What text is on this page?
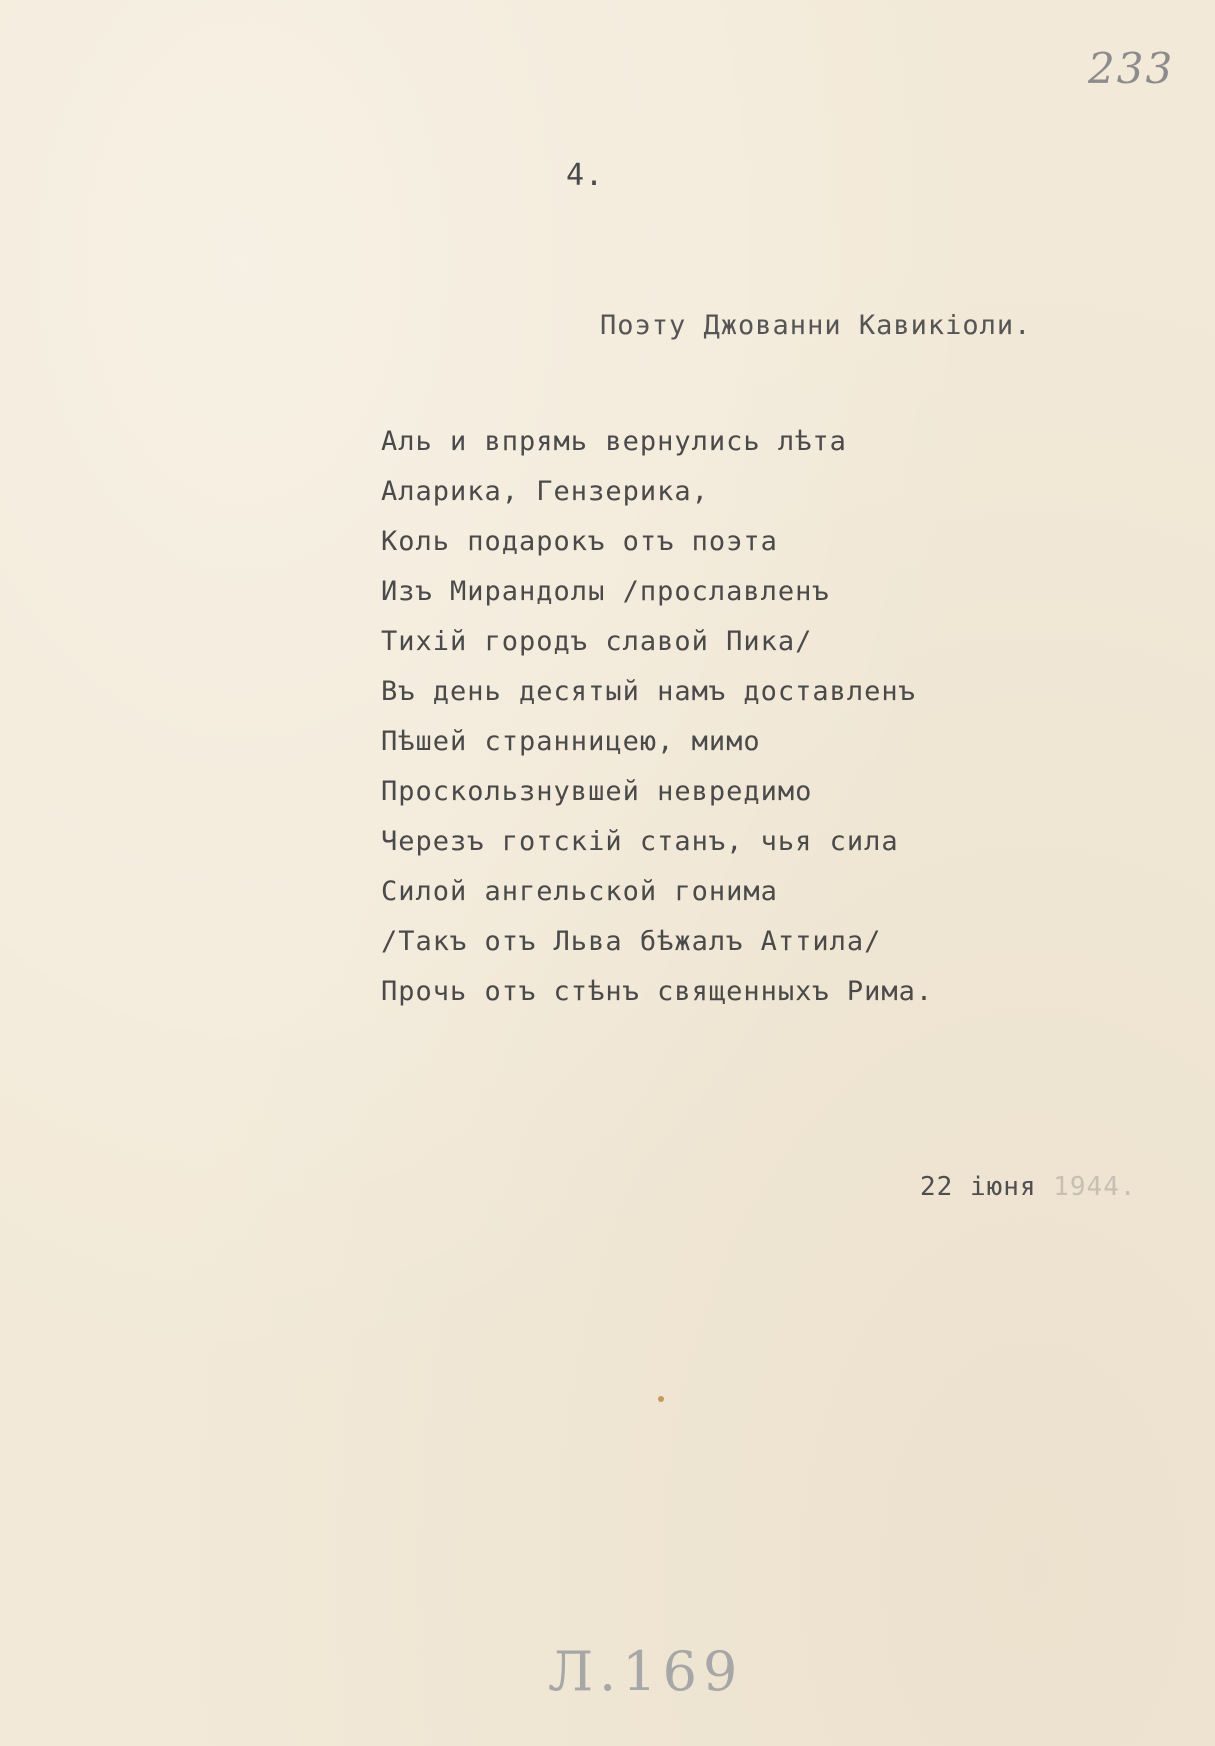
233
4.
Поэту Джованни Кавикіоли.
Аль и впрямь вернулись лѣта
Аларика, Гензерика,
Коль подарокъ отъ поэта
Изъ Мирандолы /прославленъ
Тихій городъ славой Пика/
Въ день десятый намъ доставленъ
Пѣшей странницею, мимо
Проскользнувшей невредимо
Черезъ готскій станъ, чья сила
Силой ангельской гонима
/Такъ отъ Льва бѣжалъ Аттила/
Прочь отъ стѣнъ священныхъ Рима.
22 іюня 1944.
Л.169
